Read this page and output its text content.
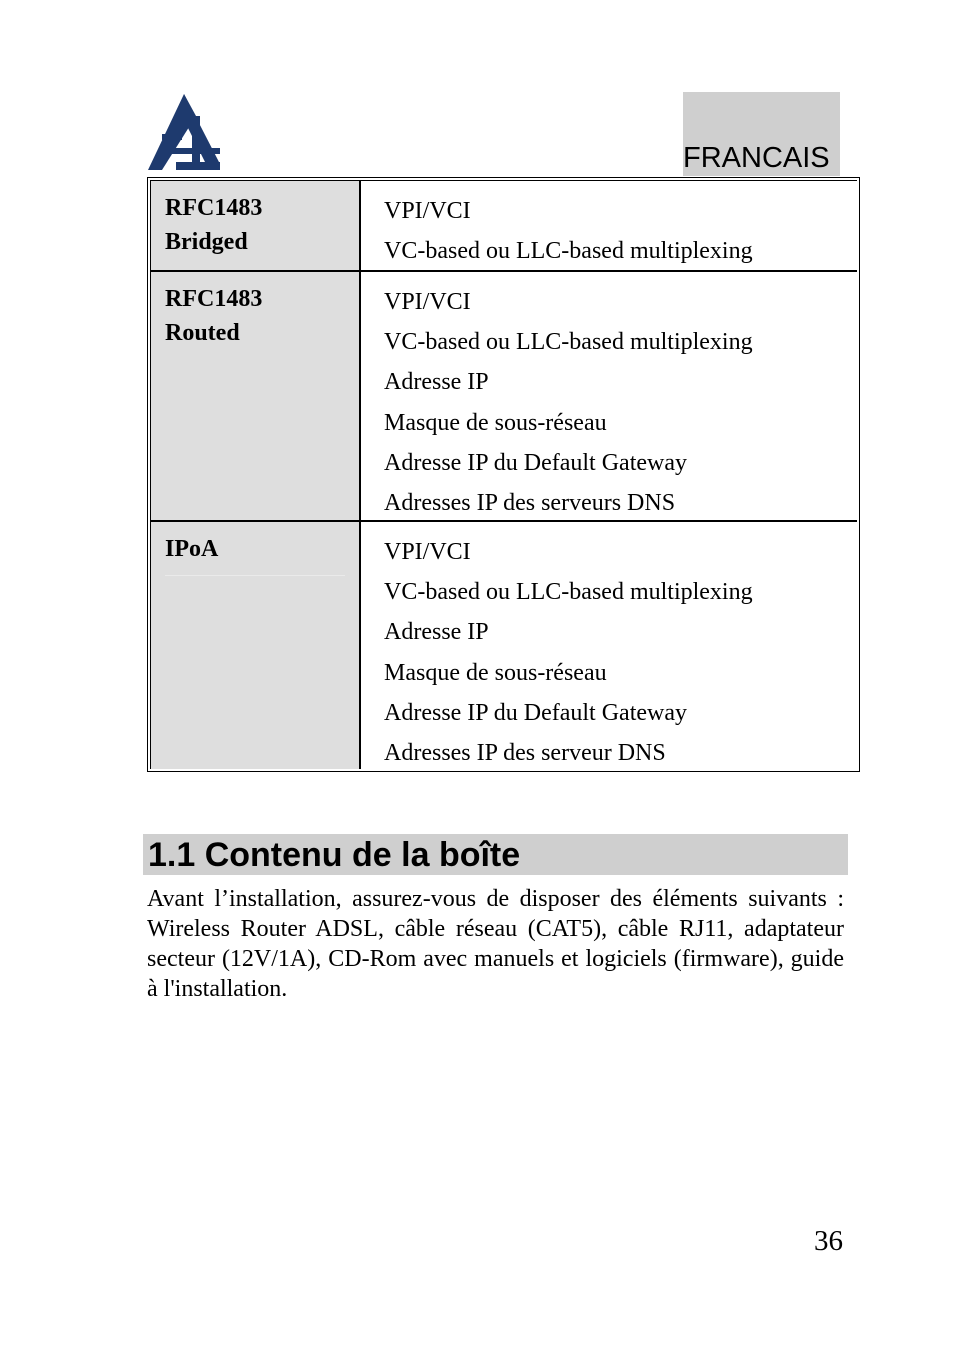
FRANCAIS
RFC1483
Bridged
VPI/VCI
VC-based ou LLC-based multiplexing
RFC1483
Routed
VPI/VCI
VC-based ou LLC-based multiplexing
Adresse IP
Masque de sous-réseau
Adresse IP du Default Gateway
Adresses IP des serveurs DNS
IPoA	VPI/VCI
VC-based ou LLC-based multiplexing
Adresse IP
Masque de sous-réseau
Adresse IP du Default Gateway
Adresses IP des serveur DNS
1.1 Contenu de la boîte
Avant l’installation, assurez-vous de disposer des éléments suivants : Wireless Router ADSL, câble réseau (CAT5), câble RJ11, adaptateur secteur (12V/1A), CD-Rom avec manuels et logiciels (firmware), guide à l'installation.
36
